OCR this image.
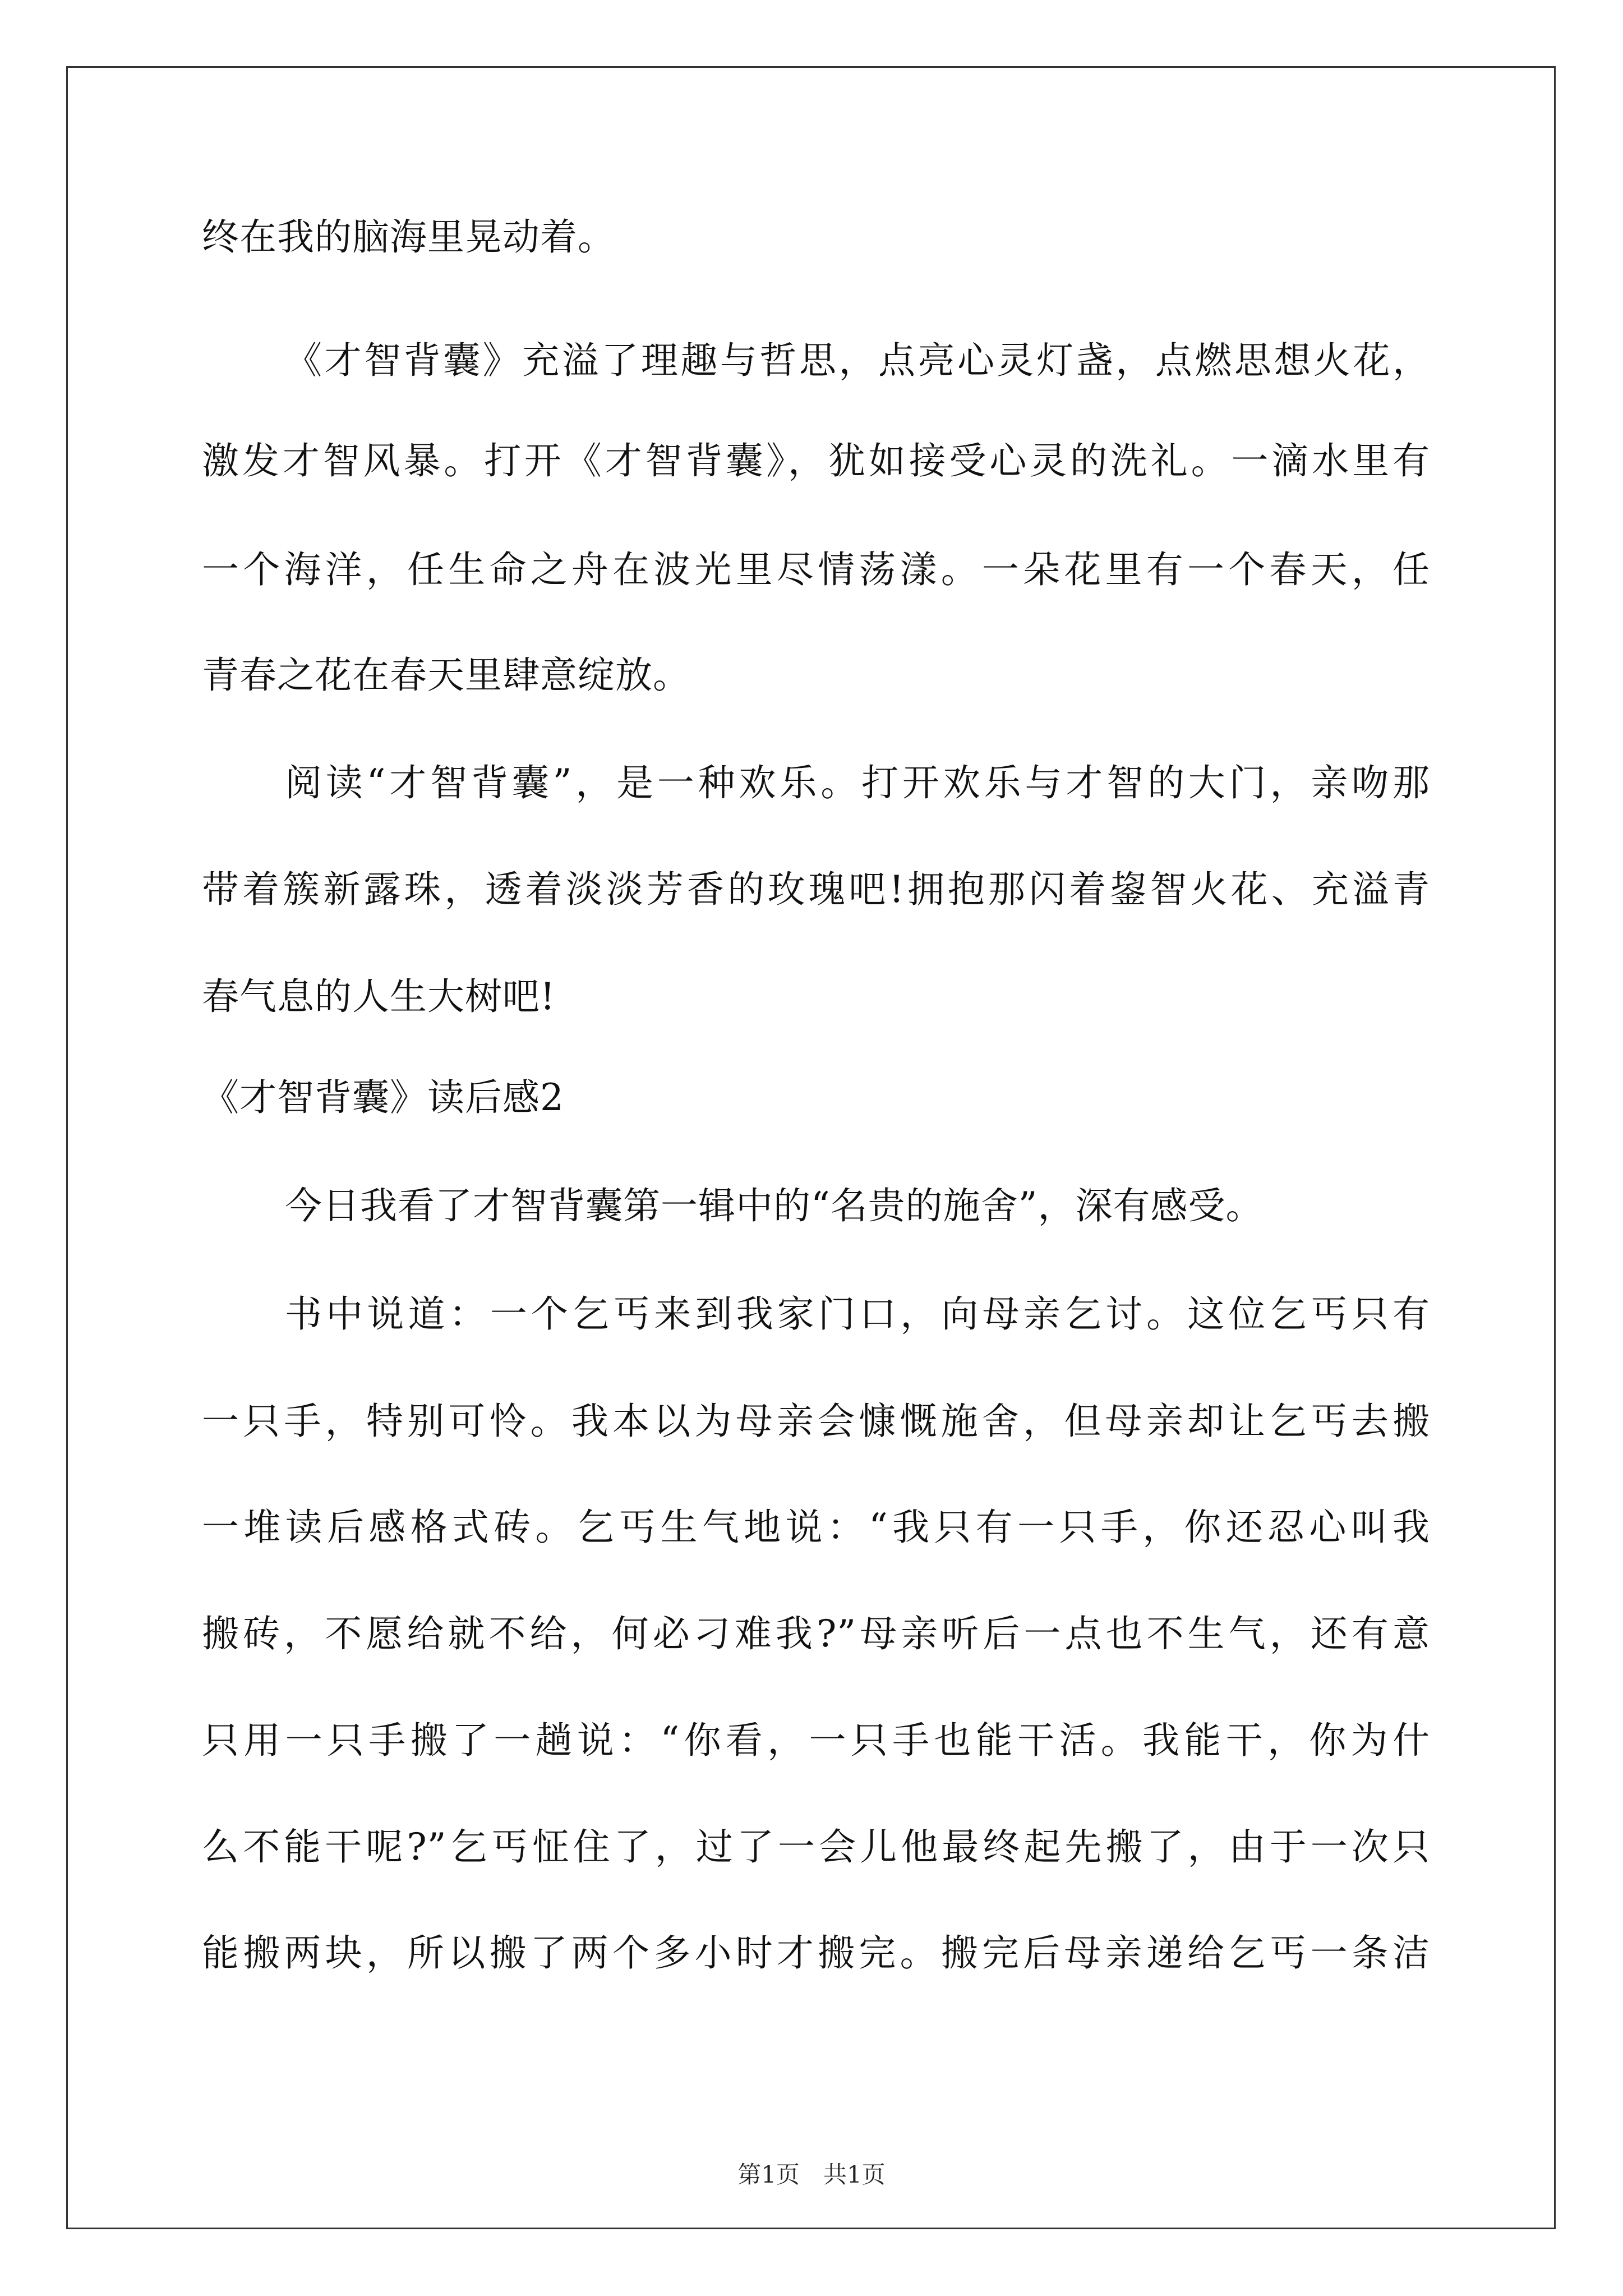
终在我的脑海里晃动着。
《才智背囊》充溢了理趣与哲思，点亮心灵灯盏，点燃思想火花，
激发才智风暴。打开《才智背囊》，犹如接受心灵的洗礼。一滴水里有
一个海洋，任生命之舟在波光里尽情荡漾。一朵花里有一个春天，任
青春之花在春天里肆意绽放。
阅读“才智背囊”，是一种欢乐。打开欢乐与才智的大门，亲吻那
带着簇新露珠，透着淡淡芳香的玫瑰吧!拥抱那闪着鋆智火花、充溢青
春气息的人生大树吧!
《才智背囊》读后感2
今日我看了才智背囊第一辑中的“名贵的施舍”，深有感受。
书中说道：一个乞丐来到我家门口，向母亲乞讨。这位乞丐只有
一只手，特别可怜。我本以为母亲会慷慨施舍，但母亲却让乞丐去搬
一堆读后感格式砖。乞丐生气地说：“我只有一只手，你还忍心叫我
搬砖，不愿给就不给，何必刁难我?”母亲听后一点也不生气，还有意
只用一只手搬了一趟说：“你看，一只手也能干活。我能干，你为什
么不能干呢?”乞丐怔住了，过了一会儿他最终起先搬了，由于一次只
能搬两块，所以搬了两个多小时才搬完。搬完后母亲递给乞丐一条洁
第1页　共1页
